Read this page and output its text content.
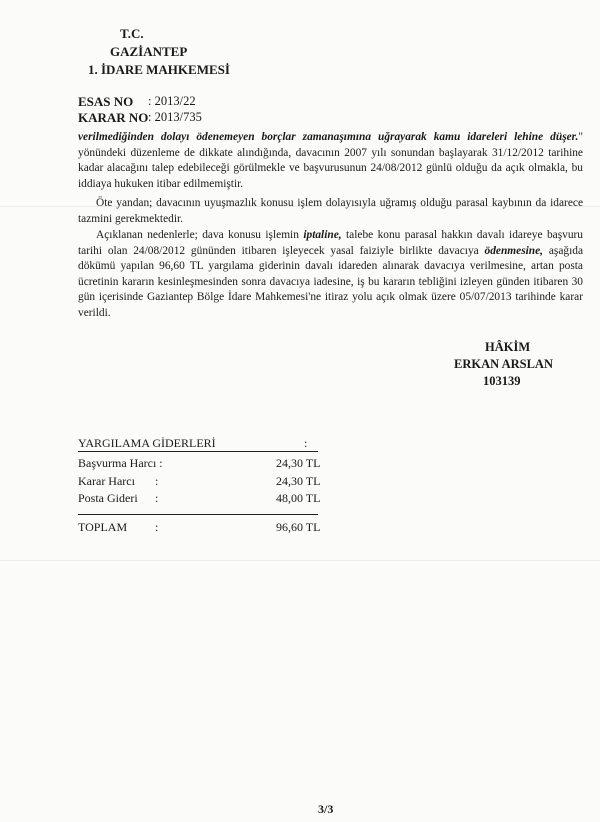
T.C.
GAZİANTEP
1. İDARE MAHKEMESİ
ESAS NO : 2013/22
KARAR NO : 2013/735

verilmediğinden dolayı ödenemeyen borçlar zamanaşımına uğrayarak kamu idareleri lehine düşer." yönündeki düzenleme de dikkate alındığında, davacının 2007 yılı sonundan başlayarak 31/12/2012 tarihine kadar alacağını talep edebileceği görülmekle ve başvurusunun 24/08/2012 günlü olduğu da açık olmakla, bu iddiaya hukuken itibar edilmemiştir.

Öte yandan; davacının uyuşmazlık konusu işlem dolayısıyla uğramış olduğu parasal kaybının da idarece tazmini gerekmektedir.

Açıklanan nedenlerle; dava konusu işlemin iptaline, talebe konu parasal hakkın davalı idareye başvuru tarihi olan 24/08/2012 gününden itibaren işleyecek yasal faiziyle birlikte davacıya ödenmesine, aşağıda dökümü yapılan 96,60 TL yargılama giderinin davalı idareden alınarak davacıya verilmesine, artan posta ücretinin kararın kesinleşmesinden sonra davacıya iadesine, iş bu kararın tebliğini izleyen günden itibaren 30 gün içerisinde Gaziantep Bölge İdare Mahkemesi'ne itiraz yolu açık olmak üzere 05/07/2013 tarihinde karar verildi.

HÂKİM
ERKAN ARSLAN
103139
YARGILAMA GİDERLERİ	:
Başvurma Harcı :	24,30 TL
Karar Harcı :	24,30 TL
Posta Gideri :	48,00 TL
TOPLAM :	96,60 TL
3/3
